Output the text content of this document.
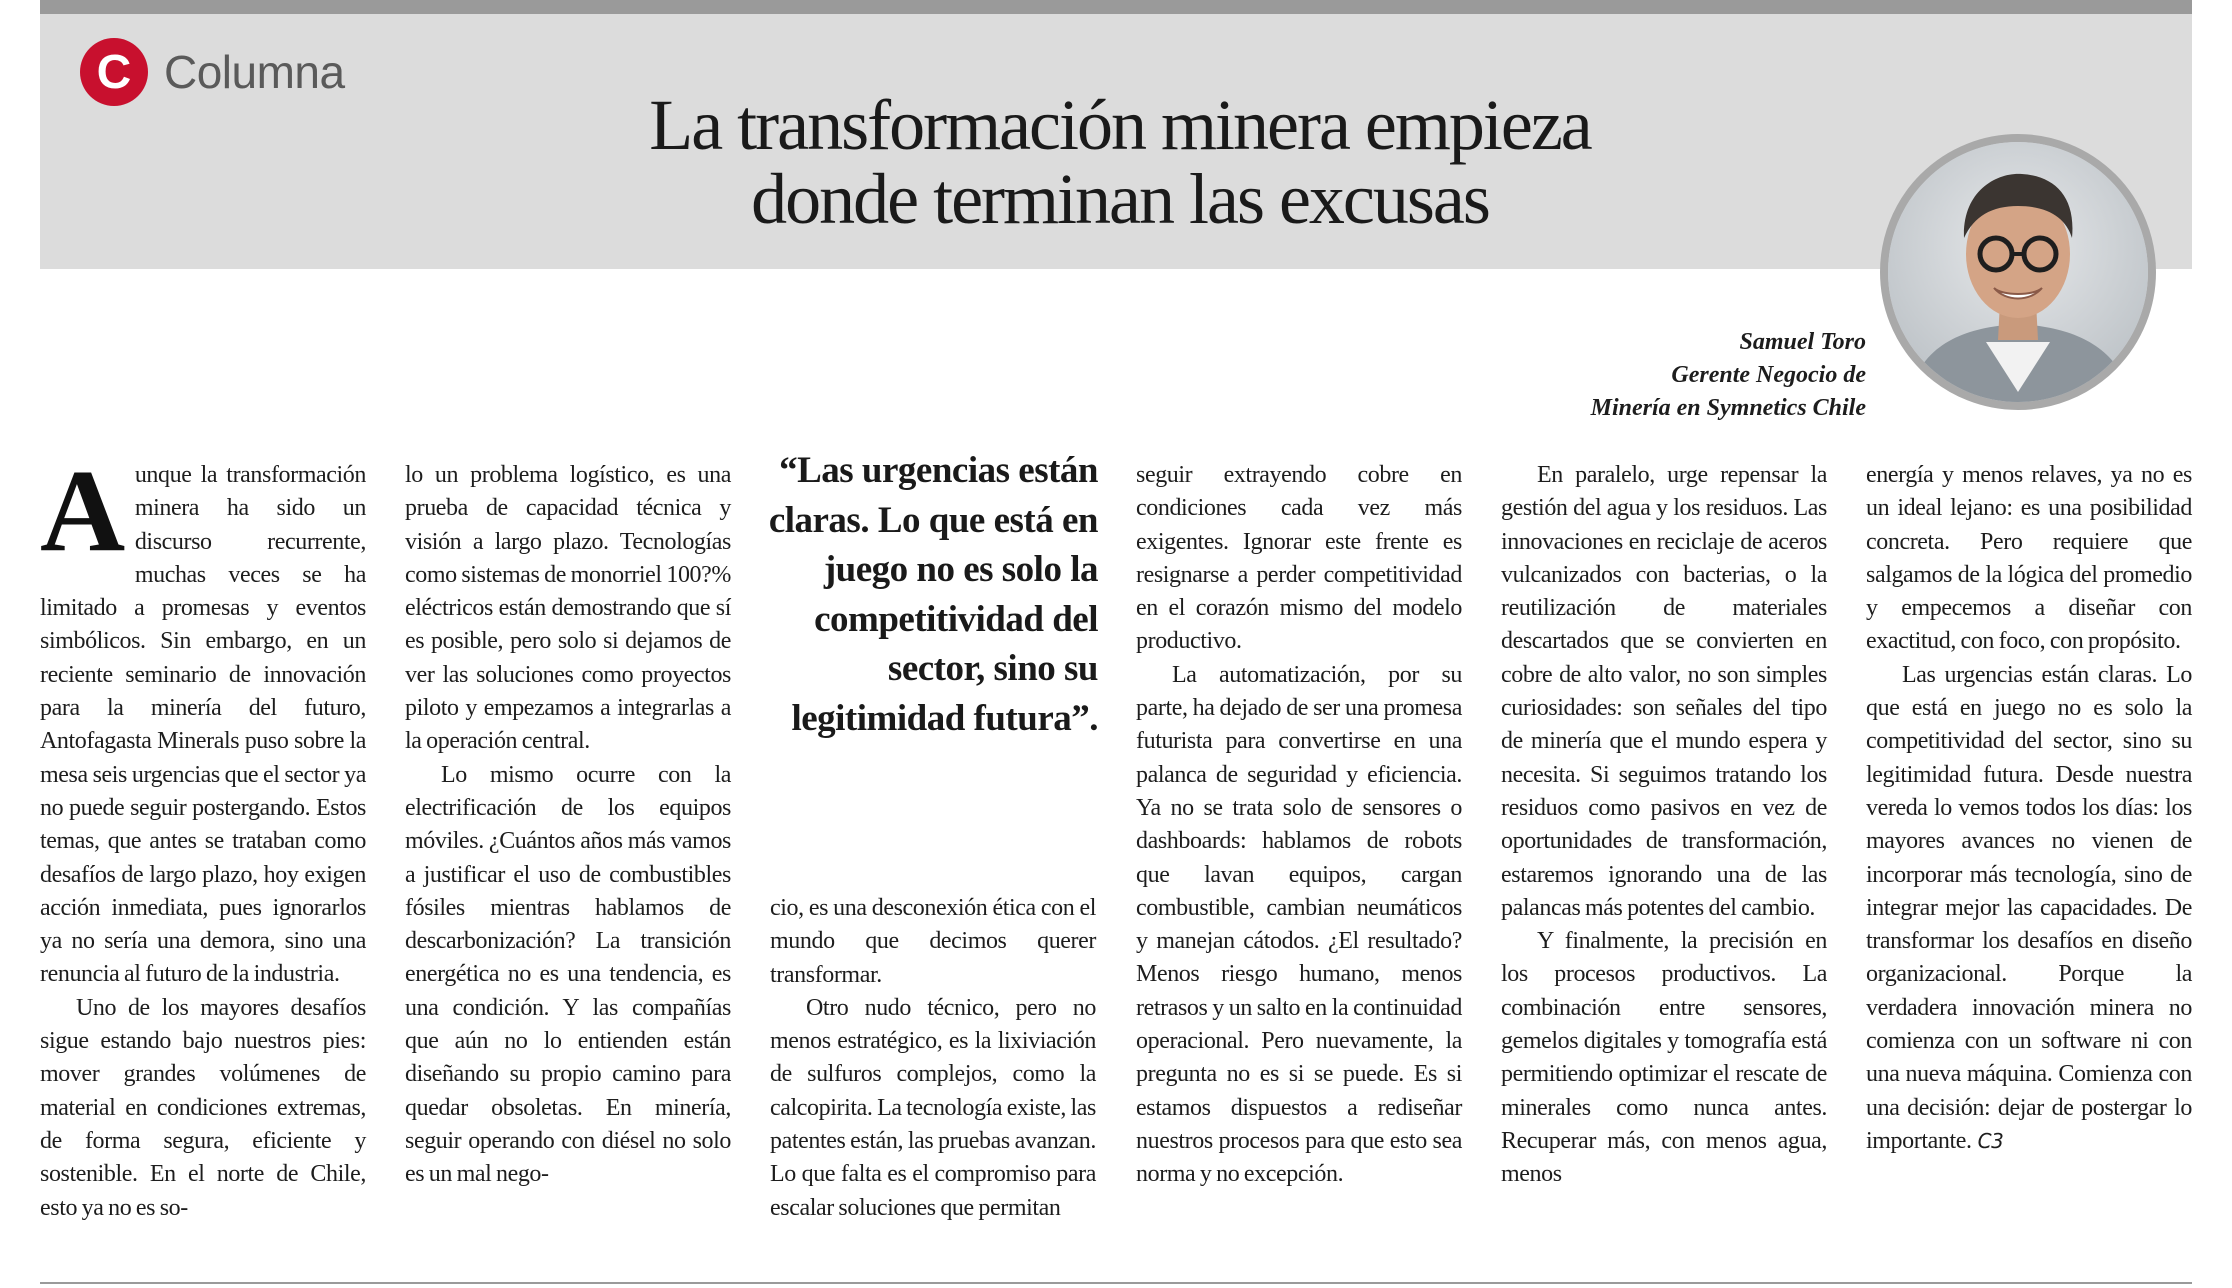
C Columna
La transformación minera empieza
donde terminan las excusas
Samuel Toro
Gerente Negocio de
Minería en Symnetics Chile
A unque la transformación minera ha sido un discurso recurrente, muchas veces se ha limitado a promesas y eventos simbólicos. Sin embargo, en un reciente seminario de innovación para la minería del futuro, Antofagasta Minerals puso sobre la mesa seis urgencias que el sector ya no puede seguir postergando. Estos temas, que antes se trataban como desafíos de largo plazo, hoy exigen acción inmediata, pues ignorarlos ya no sería una demora, sino una renuncia al futuro de la industria.

Uno de los mayores desafíos sigue estando bajo nuestros pies: mover grandes volúmenes de material en condiciones extremas, de forma segura, eficiente y sostenible. En el norte de Chile, esto ya no es so-

lo un problema logístico, es una prueba de capacidad técnica y visión a largo plazo. Tecnologías como sistemas de monorriel 100?% eléctricos están demostrando que sí es posible, pero solo si dejamos de ver las soluciones como proyectos piloto y empezamos a integrarlas a la operación central.

Lo mismo ocurre con la electrificación de los equipos móviles. ¿Cuántos años más vamos a justificar el uso de combustibles fósiles mientras hablamos de descarbonización? La transición energética no es una tendencia, es una condición. Y las compañías que aún no lo entienden están diseñando su propio camino para quedar obsoletas. En minería, seguir operando con diésel no solo es un mal nego-

“Las urgencias están claras. Lo que está en juego no es solo la competitividad del sector, sino su legitimidad futura”.

cio, es una desconexión ética con el mundo que decimos querer transformar.

Otro nudo técnico, pero no menos estratégico, es la lixiviación de sulfuros complejos, como la calcopirita. La tecnología existe, las patentes están, las pruebas avanzan. Lo que falta es el compromiso para escalar soluciones que permitan

seguir extrayendo cobre en condiciones cada vez más exigentes. Ignorar este frente es resignarse a perder competitividad en el corazón mismo del modelo productivo.

La automatización, por su parte, ha dejado de ser una promesa futurista para convertirse en una palanca de seguridad y eficiencia. Ya no se trata solo de sensores o dashboards: hablamos de robots que lavan equipos, cargan combustible, cambian neumáticos y manejan cátodos. ¿El resultado? Menos riesgo humano, menos retrasos y un salto en la continuidad operacional. Pero nuevamente, la pregunta no es si se puede. Es si estamos dispuestos a rediseñar nuestros procesos para que esto sea norma y no excepción.

En paralelo, urge repensar la gestión del agua y los residuos. Las innovaciones en reciclaje de aceros vulcanizados con bacterias, o la reutilización de materiales descartados que se convierten en cobre de alto valor, no son simples curiosidades: son señales del tipo de minería que el mundo espera y necesita. Si seguimos tratando los residuos como pasivos en vez de oportunidades de transformación, estaremos ignorando una de las palancas más potentes del cambio.

Y finalmente, la precisión en los procesos productivos. La combinación entre sensores, gemelos digitales y tomografía está permitiendo optimizar el rescate de minerales como nunca antes. Recuperar más, con menos agua, menos

energía y menos relaves, ya no es un ideal lejano: es una posibilidad concreta. Pero requiere que salgamos de la lógica del promedio y empecemos a diseñar con exactitud, con foco, con propósito.

Las urgencias están claras. Lo que está en juego no es solo la competitividad del sector, sino su legitimidad futura. Desde nuestra vereda lo vemos todos los días: los mayores avances no vienen de incorporar más tecnología, sino de integrar mejor las capacidades. De transformar los desafíos en diseño organizacional. Porque la verdadera innovación minera no comienza con un software ni con una nueva máquina. Comienza con una decisión: dejar de postergar lo importante. C3
